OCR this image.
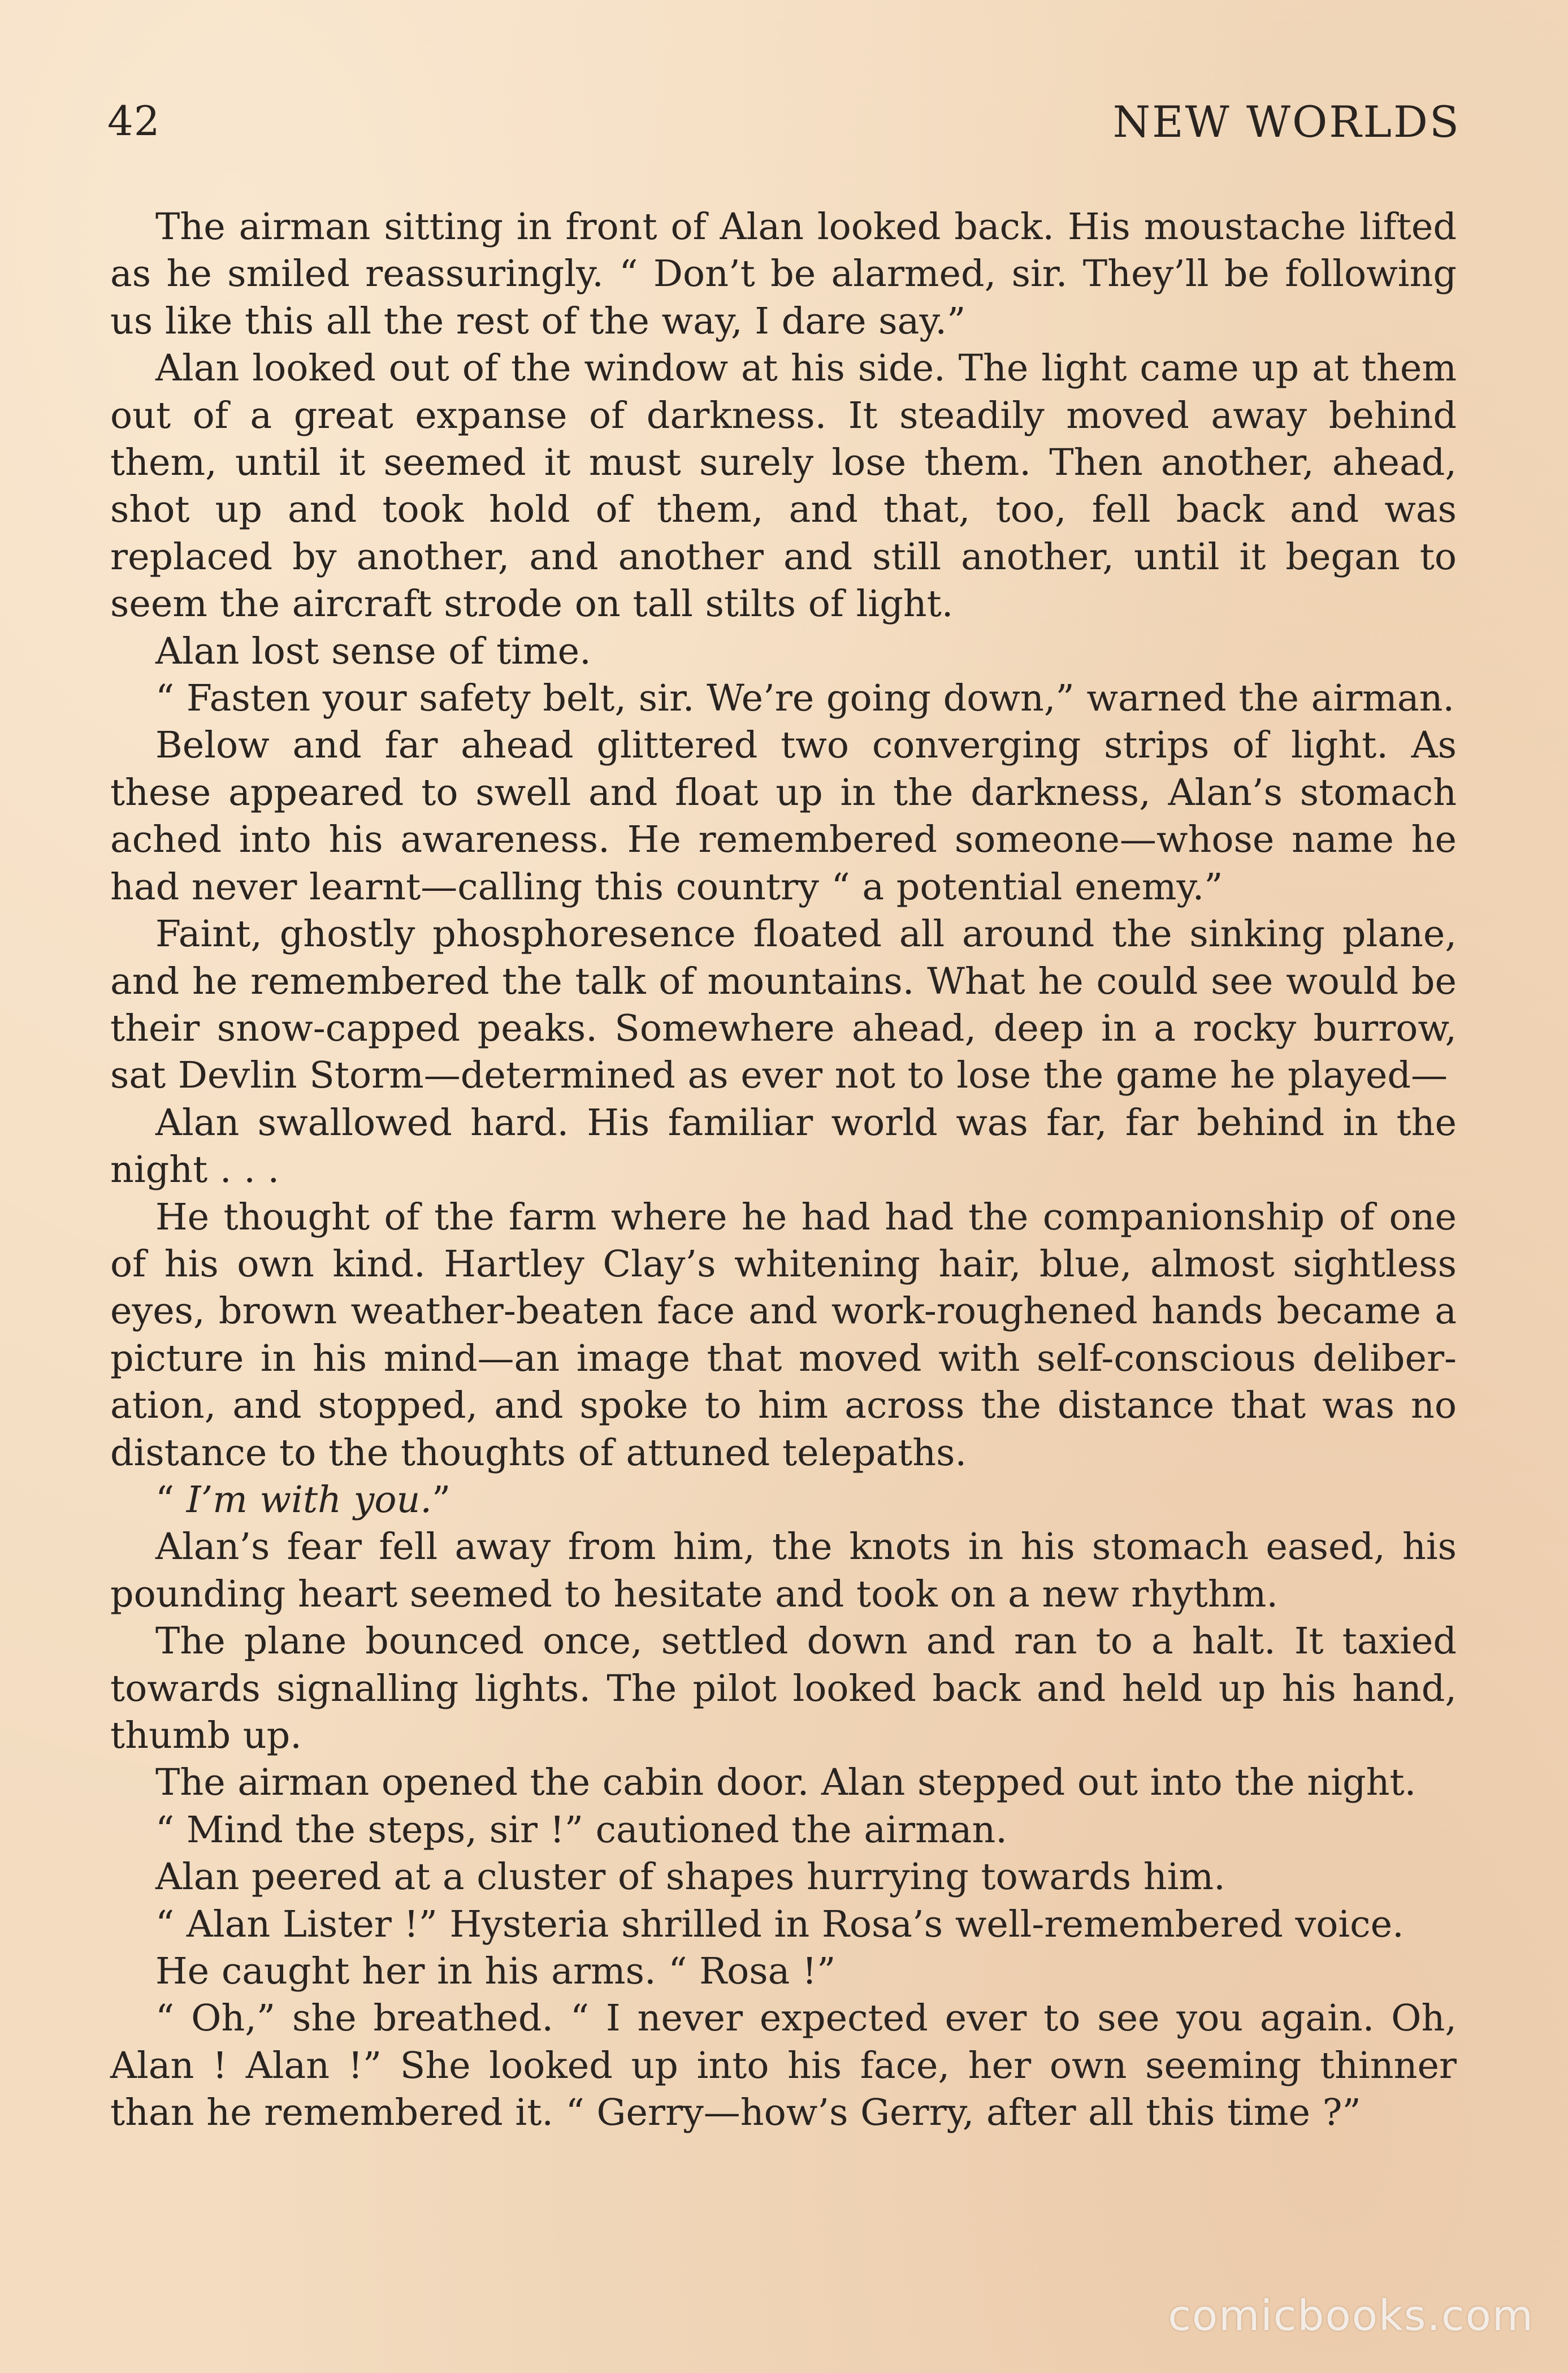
42	NEW WORLDS

The airman sitting in front of Alan looked back. His moustache lifted as he smiled reassuringly. “ Don’t be alarmed, sir. They’ll be following us like this all the rest of the way, I dare say.”

Alan looked out of the window at his side. The light came up at them out of a great expanse of darkness. It steadily moved away behind them, until it seemed it must surely lose them. Then another, ahead, shot up and took hold of them, and that, too, fell back and was replaced by another, and another and still another, until it began to seem the aircraft strode on tall stilts of light.

Alan lost sense of time.

“ Fasten your safety belt, sir. We’re going down,” warned the airman.

Below and far ahead glittered two converging strips of light. As these appeared to swell and float up in the darkness, Alan’s stomach ached into his awareness. He remembered someone—whose name he had never learnt—calling this country “ a potential enemy.”

Faint, ghostly phosphoresence floated all around the sinking plane, and he remembered the talk of mountains. What he could see would be their snow-capped peaks. Somewhere ahead, deep in a rocky burrow, sat Devlin Storm—determined as ever not to lose the game he played—

Alan swallowed hard. His familiar world was far, far behind in the night . . .

He thought of the farm where he had had the companionship of one of his own kind. Hartley Clay’s whitening hair, blue, almost sightless eyes, brown weather-beaten face and work-roughened hands became a picture in his mind—an image that moved with self-conscious deliber-ation, and stopped, and spoke to him across the distance that was no distance to the thoughts of attuned telepaths.

“ I’m with you.”

Alan’s fear fell away from him, the knots in his stomach eased, his pounding heart seemed to hesitate and took on a new rhythm.

The plane bounced once, settled down and ran to a halt. It taxied towards signalling lights. The pilot looked back and held up his hand, thumb up.

The airman opened the cabin door. Alan stepped out into the night.

“ Mind the steps, sir !” cautioned the airman.

Alan peered at a cluster of shapes hurrying towards him.

“ Alan Lister !” Hysteria shrilled in Rosa’s well-remembered voice.

He caught her in his arms. “ Rosa !”

“ Oh,” she breathed. “ I never expected ever to see you again. Oh, Alan ! Alan !” She looked up into his face, her own seeming thinner than he remembered it. “ Gerry—how’s Gerry, after all this time ?”

comicbooks.com
